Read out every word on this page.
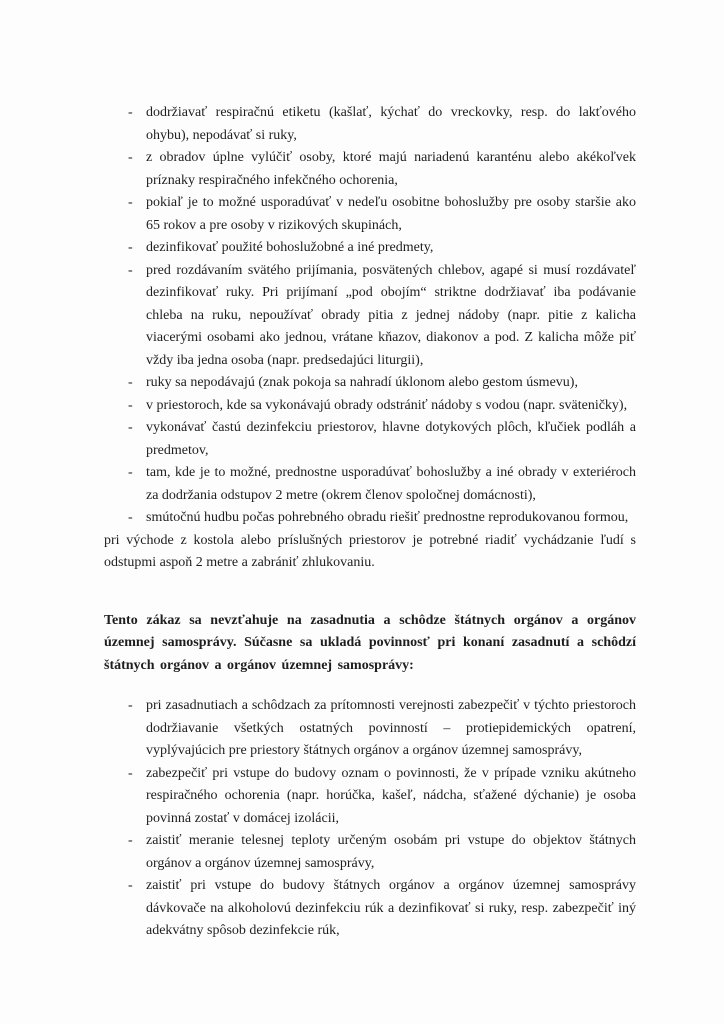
- dodržiavať respiračnú etiketu (kašlať, kýchať do vreckovky, resp. do lakťového ohybu), nepodávať si ruky,
- z obradov úplne vylúčiť osoby, ktoré majú nariadenú karanténu alebo akékoľvek príznaky respiračného infekčného ochorenia,
- pokiaľ je to možné usporadúvať v nedeľu osobitne bohoslužby pre osoby staršie ako 65 rokov a pre osoby v rizikových skupinách,
- dezinfikovať použité bohoslužobné a iné predmety,
- pred rozdávaním svätého prijímania, posvätených chlebov, agapé si musí rozdávateľ dezinfikovať ruky. Pri prijímaní „pod obojím“ striktne dodržiavať iba podávanie chleba na ruku, nepoužívať obrady pitia z jednej nádoby (napr. pitie z kalicha viacerými osobami ako jednou, vrátane kňazov, diakonov a pod. Z kalicha môže piť vždy iba jedna osoba (napr. predsedajúci liturgii),
- ruky sa nepodávajú (znak pokoja sa nahradí úklonom alebo gestom úsmevu),
- v priestoroch, kde sa vykonávajú obrady odstrániť nádoby s vodou (napr. sväteničky),
- vykonávať častú dezinfekciu priestorov, hlavne dotykových plôch, kľučiek podláh a predmetov,
- tam, kde je to možné, prednostne usporadúvať bohoslužby a iné obrady v exteriéroch za dodržania odstupov 2 metre (okrem členov spoločnej domácnosti),
- smútočnú hudbu počas pohrebného obradu riešiť prednostne reprodukovanou formou,

pri východe z kostola alebo príslušných priestorov je potrebné riadiť vychádzanie ľudí s odstupmi aspoň 2 metre a zabrániť zhlukovaniu.

Tento zákaz sa nevzťahuje na zasadnutia a schôdze štátnych orgánov a orgánov územnej samosprávy. Súčasne sa ukladá povinnosť pri konaní zasadnutí a schôdzí štátnych orgánov a orgánov územnej samosprávy:

- pri zasadnutiach a schôdzach za prítomnosti verejnosti zabezpečiť v týchto priestoroch dodržiavanie všetkých ostatných povinností – protiepidemických opatrení, vyplývajúcich pre priestory štátnych orgánov a orgánov územnej samosprávy,
- zabezpečiť pri vstupe do budovy oznam o povinnosti, že v prípade vzniku akútneho respiračného ochorenia (napr. horúčka, kašeľ, nádcha, sťažené dýchanie) je osoba povinná zostať v domácej izolácii,
- zaistiť meranie telesnej teploty určeným osobám pri vstupe do objektov štátnych orgánov a orgánov územnej samosprávy,
- zaistiť pri vstupe do budovy štátnych orgánov a orgánov územnej samosprávy dávkovače na alkoholovú dezinfekciu rúk a dezinfikovať si ruky, resp. zabezpečiť iný adekvátny spôsob dezinfekcie rúk,
